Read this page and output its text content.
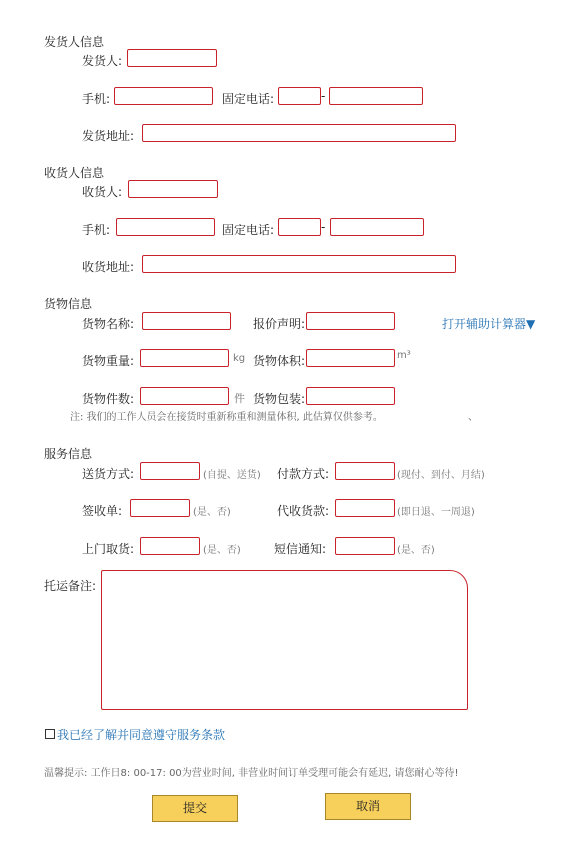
发货人信息
发货人:
手机:	固定电话:	-
发货地址:
收货人信息
收货人:
手机:	固定电话:	-
收货地址:
货物信息
货物名称:	报价声明:	打开辅助计算器▼
货物重量:	kg 货物体积:	m³
货物件数:	件 货物包装:
注: 我们的工作人员会在接货时重新称重和测量体积, 此估算仅供参考。	、
服务信息
送货方式:	(自提、送货) 付款方式:	(现付、到付、月结)
签收单:	(是、否)	代收货款:	(即日退、一周退)
上门取货:	(是、否)	短信通知:	(是、否)
托运备注:
我已经了解并同意遵守服务条款
温馨提示: 工作日8: 00-17: 00为营业时间, 非营业时间订单受理可能会有延迟, 请您耐心等待!
提交	取消
